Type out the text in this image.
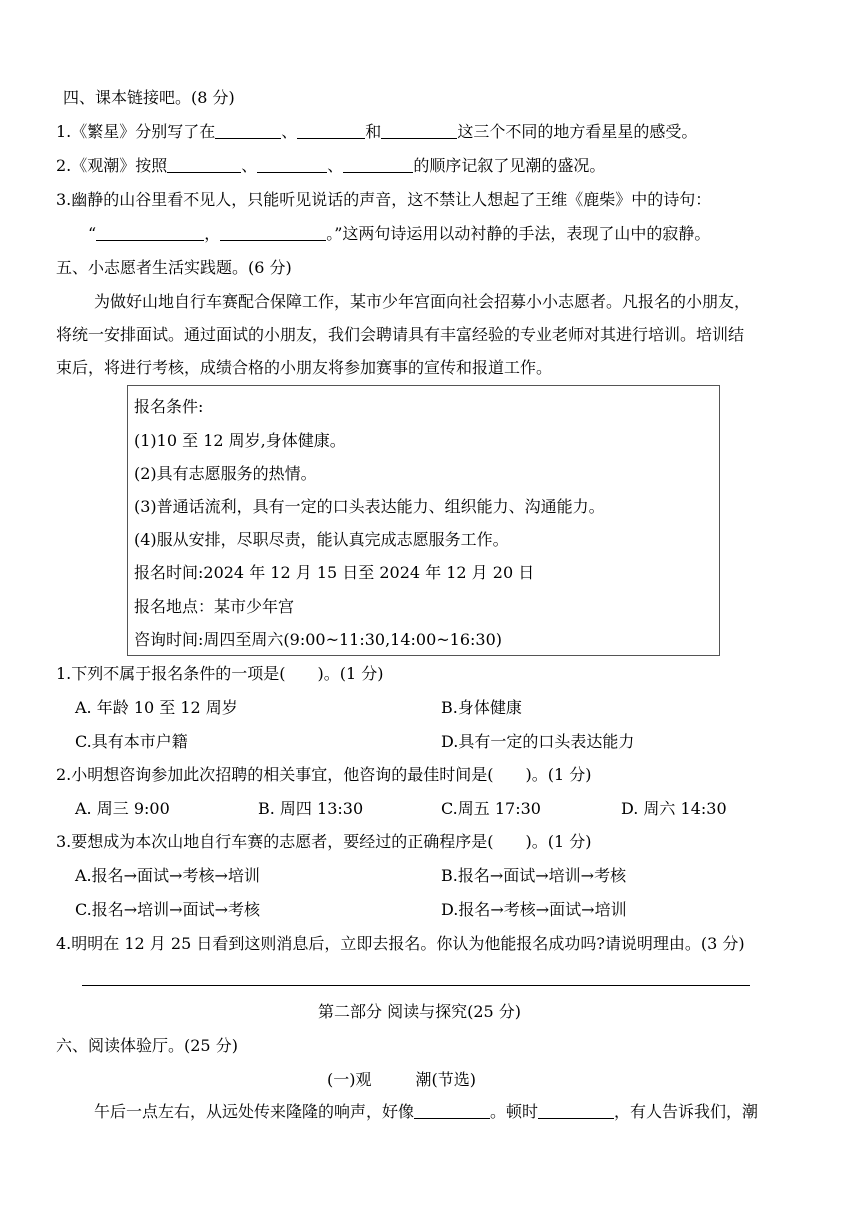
四、课本链接吧。(8 分)
1.《繁星》分别写了在	、	和	这三个不同的地方看星星的感受。
2.《观潮》按照	、	、	的顺序记叙了见潮的盛况。
3.幽静的山谷里看不见人，只能听见说话的声音，这不禁让人想起了王维《鹿柴》中的诗句：
“	，	。”这两句诗运用以动衬静的手法，表现了山中的寂静。
五、小志愿者生活实践题。(6 分)
为做好山地自行车赛配合保障工作，某市少年宫面向社会招募小小志愿者。凡报名的小朋友，
将统一安排面试。通过面试的小朋友，我们会聘请具有丰富经验的专业老师对其进行培训。培训结
束后，将进行考核，成绩合格的小朋友将参加赛事的宣传和报道工作。
报名条件:
(1)10 至 12 周岁,身体健康。
(2)具有志愿服务的热情。
(3)普通话流利，具有一定的口头表达能力、组织能力、沟通能力。
(4)服从安排，尽职尽责，能认真完成志愿服务工作。
报名时间:2024 年 12 月 15 日至 2024 年 12 月 20 日
报名地点：某市少年宫
咨询时间:周四至周六(9:00~11:30,14:00~16:30)
1.下列不属于报名条件的一项是(　　)。(1 分)
A. 年龄 10 至 12 周岁	B.身体健康
C.具有本市户籍	D.具有一定的口头表达能力
2.小明想咨询参加此次招聘的相关事宜，他咨询的最佳时间是(　　)。(1 分)
A. 周三 9:00	B. 周四 13:30	C.周五 17:30	D. 周六 14:30
3.要想成为本次山地自行车赛的志愿者，要经过的正确程序是(　　)。(1 分)
A.报名→面试→考核→培训	B.报名→面试→培训→考核
C.报名→培训→面试→考核	D.报名→考核→面试→培训
4.明明在 12 月 25 日看到这则消息后，立即去报名。你认为他能报名成功吗?请说明理由。(3 分)
第二部分 阅读与探究(25 分)
六、阅读体验厅。(25 分)
(一)观	潮(节选)
午后一点左右，从远处传来隆隆的响声，好像	。顿时	，有人告诉我们，潮
